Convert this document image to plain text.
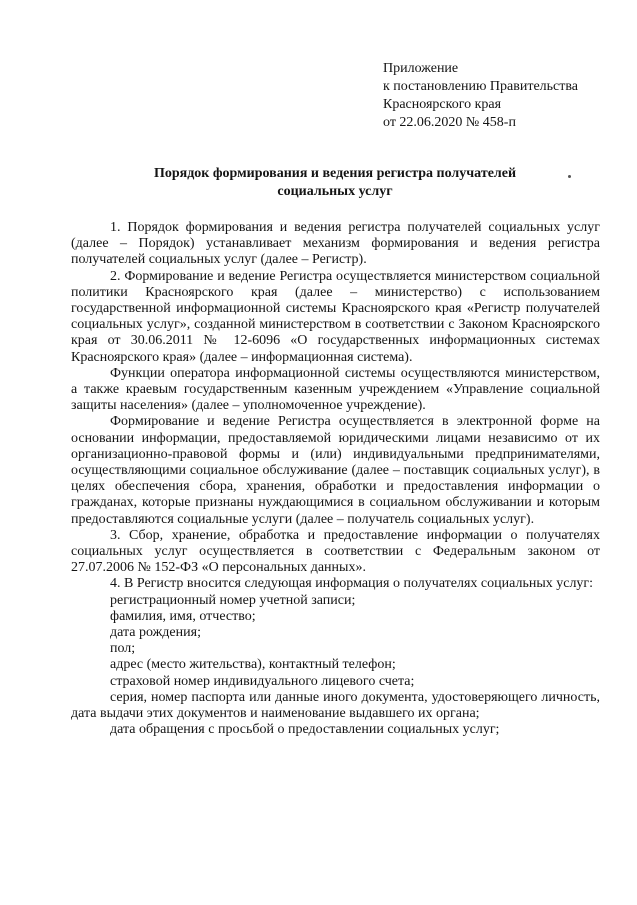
Приложение
к постановлению Правительства
Красноярского края
от 22.06.2020 № 458-п
Порядок формирования и ведения регистра получателей
социальных услуг

1. Порядок формирования и ведения регистра получателей социальных услуг (далее – Порядок) устанавливает механизм формирования и ведения регистра получателей социальных услуг (далее – Регистр).

2. Формирование и ведение Регистра осуществляется министерством социальной политики Красноярского края (далее – министерство) с использованием государственной информационной системы Красноярского края «Регистр получателей социальных услуг», созданной министерством в соответствии с Законом Красноярского края от 30.06.2011 № 12-6096 «О государственных информационных системах Красноярского края» (далее – информационная система).

Функции оператора информационной системы осуществляются министерством, а также краевым государственным казенным учреждением «Управление социальной защиты населения» (далее – уполномоченное учреждение).

Формирование и ведение Регистра осуществляется в электронной форме на основании информации, предоставляемой юридическими лицами независимо от их организационно-правовой формы и (или) индивидуальными предпринимателями, осуществляющими социальное обслуживание (далее – поставщик социальных услуг), в целях обеспечения сбора, хранения, обработки и предоставления информации о гражданах, которые признаны нуждающимися в социальном обслуживании и которым предоставляются социальные услуги (далее – получатель социальных услуг).

3. Сбор, хранение, обработка и предоставление информации о получателях социальных услуг осуществляется в соответствии с Федеральным законом от 27.07.2006 № 152-ФЗ «О персональных данных».

4. В Регистр вносится следующая информация о получателях социальных услуг:

регистрационный номер учетной записи;

фамилия, имя, отчество;

дата рождения;

пол;

адрес (место жительства), контактный телефон;

страховой номер индивидуального лицевого счета;

серия, номер паспорта или данные иного документа, удостоверяющего личность, дата выдачи этих документов и наименование выдавшего их органа;

дата обращения с просьбой о предоставлении социальных услуг;
